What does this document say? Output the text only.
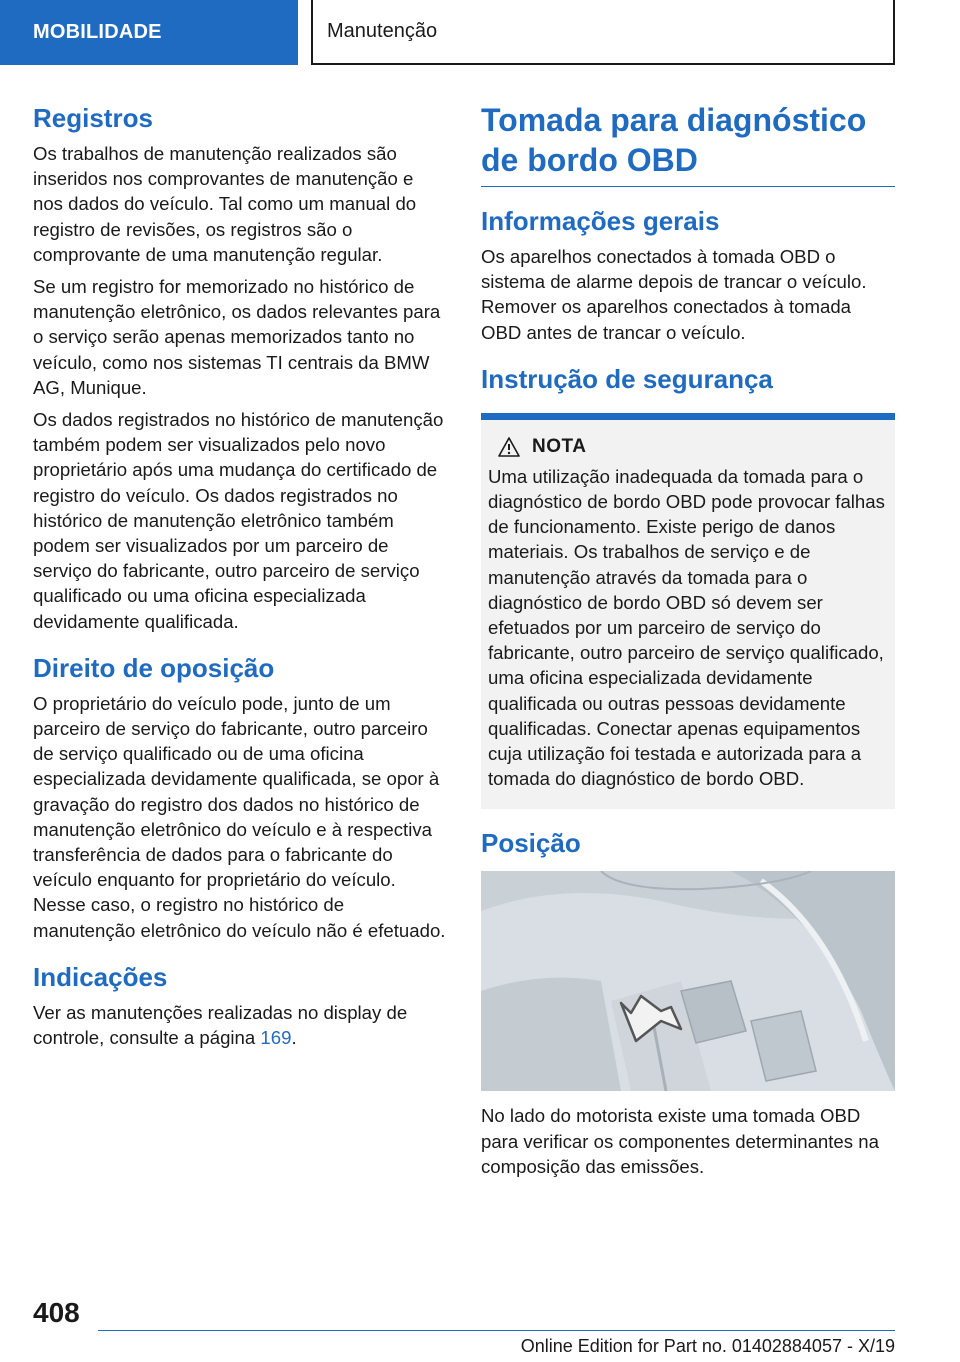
MOBILIDADE	Manutenção
Registros

Os trabalhos de manutenção realizados são inseridos nos comprovantes de manutenção e nos dados do veículo. Tal como um manual do registro de revisões, os registros são o comprovante de uma manutenção regular.

Se um registro for memorizado no histórico de manutenção eletrônico, os dados relevantes para o serviço serão apenas memorizados tanto no veículo, como nos sistemas TI centrais da BMW AG, Munique.

Os dados registrados no histórico de manutenção também podem ser visualizados pelo novo proprietário após uma mudança do certificado de registro do veículo. Os dados registrados no histórico de manutenção eletrônico também podem ser visualizados por um parceiro de serviço do fabricante, outro parceiro de serviço qualificado ou uma oficina especializada devidamente qualificada.

Direito de oposição

O proprietário do veículo pode, junto de um parceiro de serviço do fabricante, outro parceiro de serviço qualificado ou de uma oficina especializada devidamente qualificada, se opor à gravação do registro dos dados no histórico de manutenção eletrônico do veículo e à respectiva transferência de dados para o fabricante do veículo enquanto for proprietário do veículo. Nesse caso, o registro no histórico de manutenção eletrônico do veículo não é efetuado.

Indicações

Ver as manutenções realizadas no display de controle, consulte a página 169.

Tomada para diagnóstico de bordo OBD
Informações gerais

Os aparelhos conectados à tomada OBD o sistema de alarme depois de trancar o veículo. Remover os aparelhos conectados à tomada OBD antes de trancar o veículo.

Instrução de segurança
NOTA

Uma utilização inadequada da tomada para o diagnóstico de bordo OBD pode provocar falhas de funcionamento. Existe perigo de danos materiais. Os trabalhos de serviço e de manutenção através da tomada para o diagnóstico de bordo OBD só devem ser efetuados por um parceiro de serviço do fabricante, outro parceiro de serviço qualificado, uma oficina especializada devidamente qualificada ou outras pessoas devidamente qualificadas. Conectar apenas equipamentos cuja utilização foi testada e autorizada para a tomada do diagnóstico de bordo OBD.

Posição

No lado do motorista existe uma tomada OBD para verificar os componentes determinantes na composição das emissões.

408
Online Edition for Part no. 01402884057 - X/19
